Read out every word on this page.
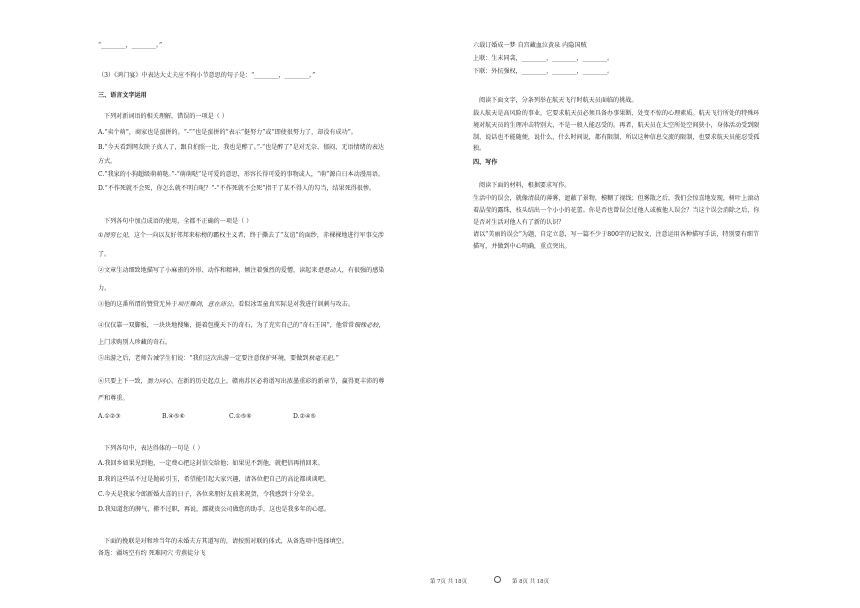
“________，________。”
（3）《鸿门宴》中表达大丈夫应不拘小节意思的句子是：“________，________。”
三、语言文字运用
下列对新词语的相关理解，错误的一项是（ ）
A.“卖个萌”，商家也是蛮拼的。“-”“也是蛮拼的”表示“挺努力”或“即使很努力了，却没有成功”。
B.“今天看到网友陕子真人了，跟自拍照一比，我也是醉了。”-“也是醉了”是对无奈、郁闷、无语情绪的表达
方式。
C.“我家的小狗超级萌萌哒。”-“萌萌哒”是可爱的意思，形容长得可爱的事物或人，“萌”源自日本动漫用语。
D.“不作死就不会死，你怎么就不明白呢？”-“不作死就不会死”指干了某不得人的勾当，结果死得很惨。
下列各句中加点成语的使用，全都不正确的一项是（ ）
①图穷匕见，这个一向以友好邻邦来标榜的霸权主义者，终于撕去了“友谊”的面纱，赤裸裸地进行军事交涉
了。
②文章生动细致地描写了小麻雀的外形、动作和精神，倾注着强烈的爱憎，读起来楚楚动人，有很强的感染
力。
③他的这番所谓的赞赏无异于项庄舞剑，意在沛公，看似冰雪童真实际是对我进行讽刺与攻击。
④仅仅靠一双脚板，一块块地搜集，挺着包揽天下的奇石，为了充实自己的“奇石王国”，他常常锱铢必较，
上门求购别人珍藏的奇石。
⑤出游之后，老师告诫学生们说：“我们这次出游一定要注意保护环境，要做到秋毫无犯。”
⑥只要上下一致，勠力同心，在新的历史起点上，赣南苏区必将谱写出浓墨重彩的新章节，赢得更丰沛的尊
严和尊重。
A.①②③	B.④⑤⑥	C.①⑤⑥	D.②④⑤
下列各句中，表达得体的一句是（ ）
A.我回乡如果见到他，一定费心把这封信交给他；如果见不到他，就把信再捎回来。
B.我的这些话不过是抛砖引玉，希望能引起大家兴趣，请各位把自己的高论都谈谈吧。
C.今天是我家令郎新婚大喜的日子，各位来朋好友前来祝贺，令我感到十分荣幸。
D.我知道您的脾气，擀不过职，再说，鄙就贵公司做您的助手，这也是我多年的心愿。
下面的挽联是对和珍当年的未婚夫方其道写的，请按照对联的体式，从备选项中选择填空。
备选：疆场空有约 死难同穴 劳燕徒分飞
六载订婚成一梦 自宫藏血泣黄泉 内隐国贼
上联：生未同衾，________，________，________。
下联：外抗强权，________，________，________。
阅读下面文字，分条列举在航天飞行时航天员面临的挑战。
载人航天是高风险的事业，它要求航天员必须具备办事果断、处变不惊的心理素质。航天飞行所处的特殊环
境对航天员的生理冲击特别大，不是一般人能忍受的。再者，航天员在太空所处空间狭小，身体活动受到限
制，说话也不能随便，说什么，什么时间说，都有限制，所以这种信息交流的限制，也要求航天员能忍受孤
独。
四、写作
阅读下面的材料，根据要求写作。
生活中的误会，就像清晨的薄雾，遮蔽了景物，模糊了视线；但雾散之后，我们会惊喜地发现，树叶上滚动
着晶莹的露珠，枝头结出一个小小的花蕾。你是否也曾误会过他人或被他人误会？当这个误会消除之后，你
是否对生活对他人有了新的认识？
请以“美丽的误会”为题，自定立意，写一篇不少于800字的记叙文，注意运用各种描写手法，特别要有细节
描写，并做到中心明确，重点突出。
第 7页 共 18页	第 8页 共 18页
